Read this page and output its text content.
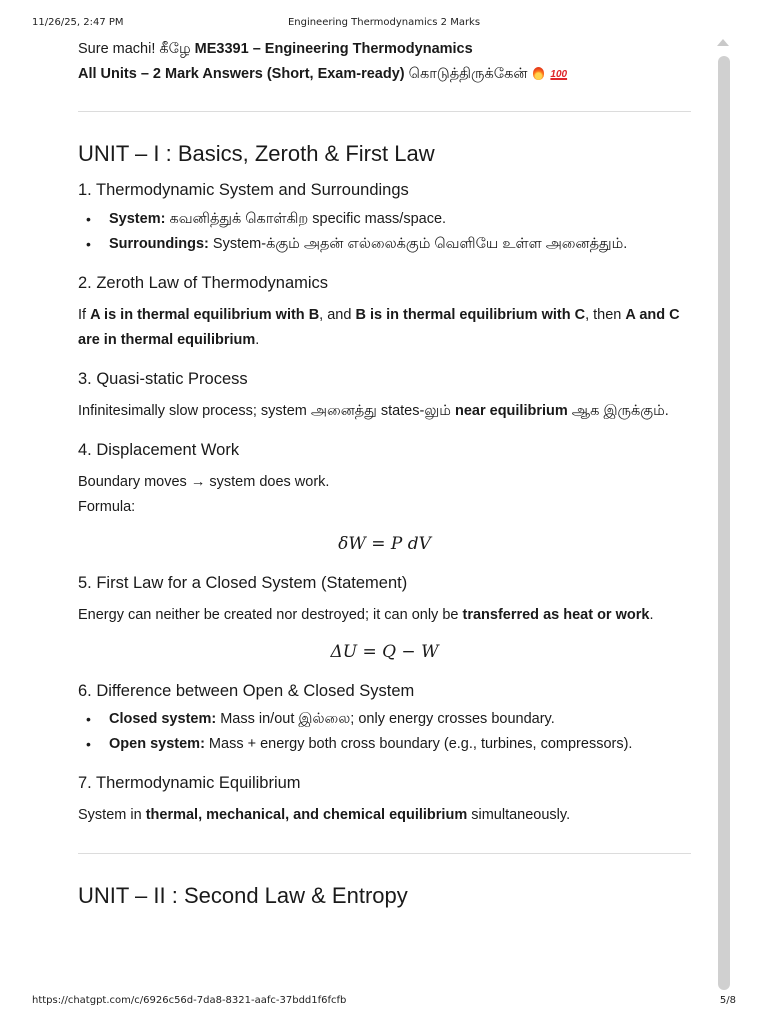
11/26/25, 2:47 PM	Engineering Thermodynamics 2 Marks
Sure machi! கீழே ME3391 – Engineering Thermodynamics
All Units – 2 Mark Answers (Short, Exam-ready) கொடுத்திருக்கேன் 100
UNIT – I : Basics, Zeroth & First Law
1. Thermodynamic System and Surroundings
• System: கவனித்துக் கொள்கிற specific mass/space.
• Surroundings: System-க்கும் அதன் எல்லைக்கும் வெளியே உள்ள அனைத்தும்.
2. Zeroth Law of Thermodynamics

If A is in thermal equilibrium with B, and B is in thermal equilibrium with C, then A and C are in thermal equilibrium.

3. Quasi-static Process

Infinitesimally slow process; system அனைத்து states-லும் near equilibrium ஆக இருக்கும்.

4. Displacement Work

Boundary moves → system does work.

Formula:

δW = P dV
5. First Law for a Closed System (Statement)

Energy can neither be created nor destroyed; it can only be transferred as heat or work.

ΔU = Q − W
6. Difference between Open & Closed System
• Closed system: Mass in/out இல்லை; only energy crosses boundary.
• Open system: Mass + energy both cross boundary (e.g., turbines, compressors).
7. Thermodynamic Equilibrium

System in thermal, mechanical, and chemical equilibrium simultaneously.

UNIT – II : Second Law & Entropy
https://chatgpt.com/c/6926c56d-7da8-8321-aafc-37bdd1f6fcfb	5/8
